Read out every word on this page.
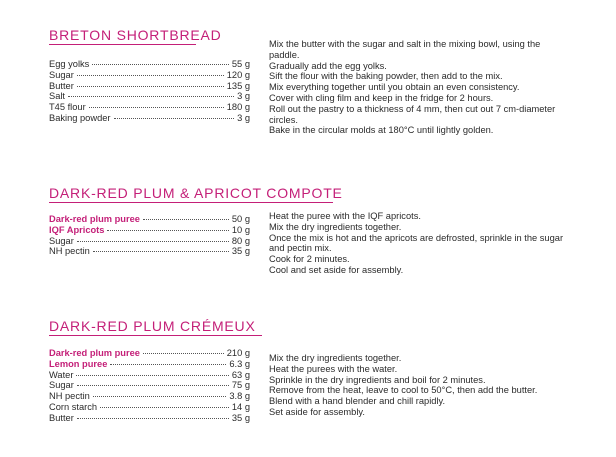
BRETON SHORTBREAD
Egg yolks	55 g
Sugar	120 g
Butter	135 g
Salt	3 g
T45 flour	180 g
Baking powder	3 g
Mix the butter with the sugar and salt in the mixing bowl, using the paddle.
Gradually add the egg yolks.
Sift the flour with the baking powder, then add to the mix.
Mix everything together until you obtain an even consistency.
Cover with cling film and keep in the fridge for 2 hours.
Roll out the pastry to a thickness of 4 mm, then cut out 7 cm-diameter circles.
Bake in the circular molds at 180°C until lightly golden.
DARK-RED PLUM & APRICOT COMPOTE
Dark-red plum puree	50 g
IQF Apricots	10 g
Sugar	80 g
NH pectin	35 g
Heat the puree with the IQF apricots.
Mix the dry ingredients together.
Once the mix is hot and the apricots are defrosted, sprinkle in the sugar and pectin mix.
Cook for 2 minutes.
Cool and set aside for assembly.
DARK-RED PLUM CRÉMEUX
Dark-red plum puree	210 g
Lemon puree	6.3 g
Water	63 g
Sugar	75 g
NH pectin	3.8 g
Corn starch	14 g
Butter	35 g
Mix the dry ingredients together.
Heat the purees with the water.
Sprinkle in the dry ingredients and boil for 2 minutes.
Remove from the heat, leave to cool to 50°C, then add the butter.
Blend with a hand blender and chill rapidly.
Set aside for assembly.
